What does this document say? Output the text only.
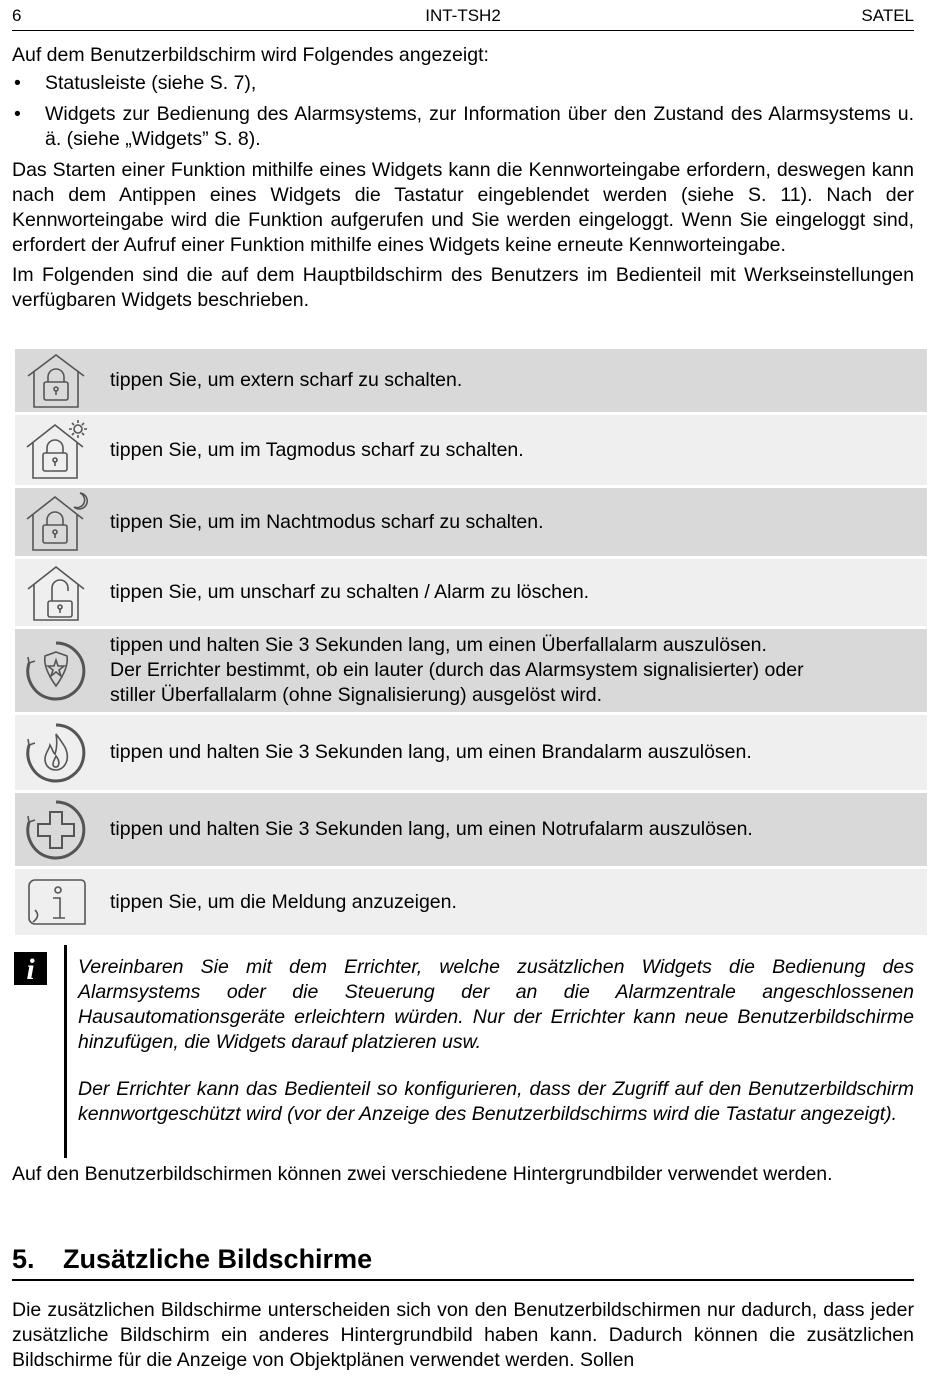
6	INT-TSH2	SATEL

Auf dem Benutzerbildschirm wird Folgendes angezeigt:

• Statusleiste (siehe S. 7),
• Widgets zur Bedienung des Alarmsystems, zur Information über den Zustand des Alarmsystems u. ä. (siehe „Widgets” S. 8).

Das Starten einer Funktion mithilfe eines Widgets kann die Kennworteingabe erfordern, deswegen kann nach dem Antippen eines Widgets die Tastatur eingeblendet werden (siehe S. 11). Nach der Kennworteingabe wird die Funktion aufgerufen und Sie werden eingeloggt. Wenn Sie eingeloggt sind, erfordert der Aufruf einer Funktion mithilfe eines Widgets keine erneute Kennworteingabe.

Im Folgenden sind die auf dem Hauptbildschirm des Benutzers im Bedienteil mit Werkseinstellungen verfügbaren Widgets beschrieben.

tippen Sie, um extern scharf zu schalten.
tippen Sie, um im Tagmodus scharf zu schalten.
tippen Sie, um im Nachtmodus scharf zu schalten.
tippen Sie, um unscharf zu schalten / Alarm zu löschen.
tippen und halten Sie 3 Sekunden lang, um einen Überfallalarm auszulösen.
Der Errichter bestimmt, ob ein lauter (durch das Alarmsystem signalisierter) oder
stiller Überfallalarm (ohne Signalisierung) ausgelöst wird.
tippen und halten Sie 3 Sekunden lang, um einen Brandalarm auszulösen.
tippen und halten Sie 3 Sekunden lang, um einen Notrufalarm auszulösen.
tippen Sie, um die Meldung anzuzeigen.
i	Vereinbaren Sie mit dem Errichter, welche zusätzlichen Widgets die Bedienung des Alarmsystems oder die Steuerung der an die Alarmzentrale angeschlossenen Hausautomationsgeräte erleichtern würden. Nur der Errichter kann neue Benutzerbildschirme hinzufügen, die Widgets darauf platzieren usw.

Der Errichter kann das Bedienteil so konfigurieren, dass der Zugriff auf den Benutzerbildschirm kennwortgeschützt wird (vor der Anzeige des Benutzerbildschirms wird die Tastatur angezeigt).

Auf den Benutzerbildschirmen können zwei verschiedene Hintergrundbilder verwendet werden.

5. Zusätzliche Bildschirme

Die zusätzlichen Bildschirme unterscheiden sich von den Benutzerbildschirmen nur dadurch, dass jeder zusätzliche Bildschirm ein anderes Hintergrundbild haben kann. Dadurch können die zusätzlichen Bildschirme für die Anzeige von Objektplänen verwendet werden. Sollen
